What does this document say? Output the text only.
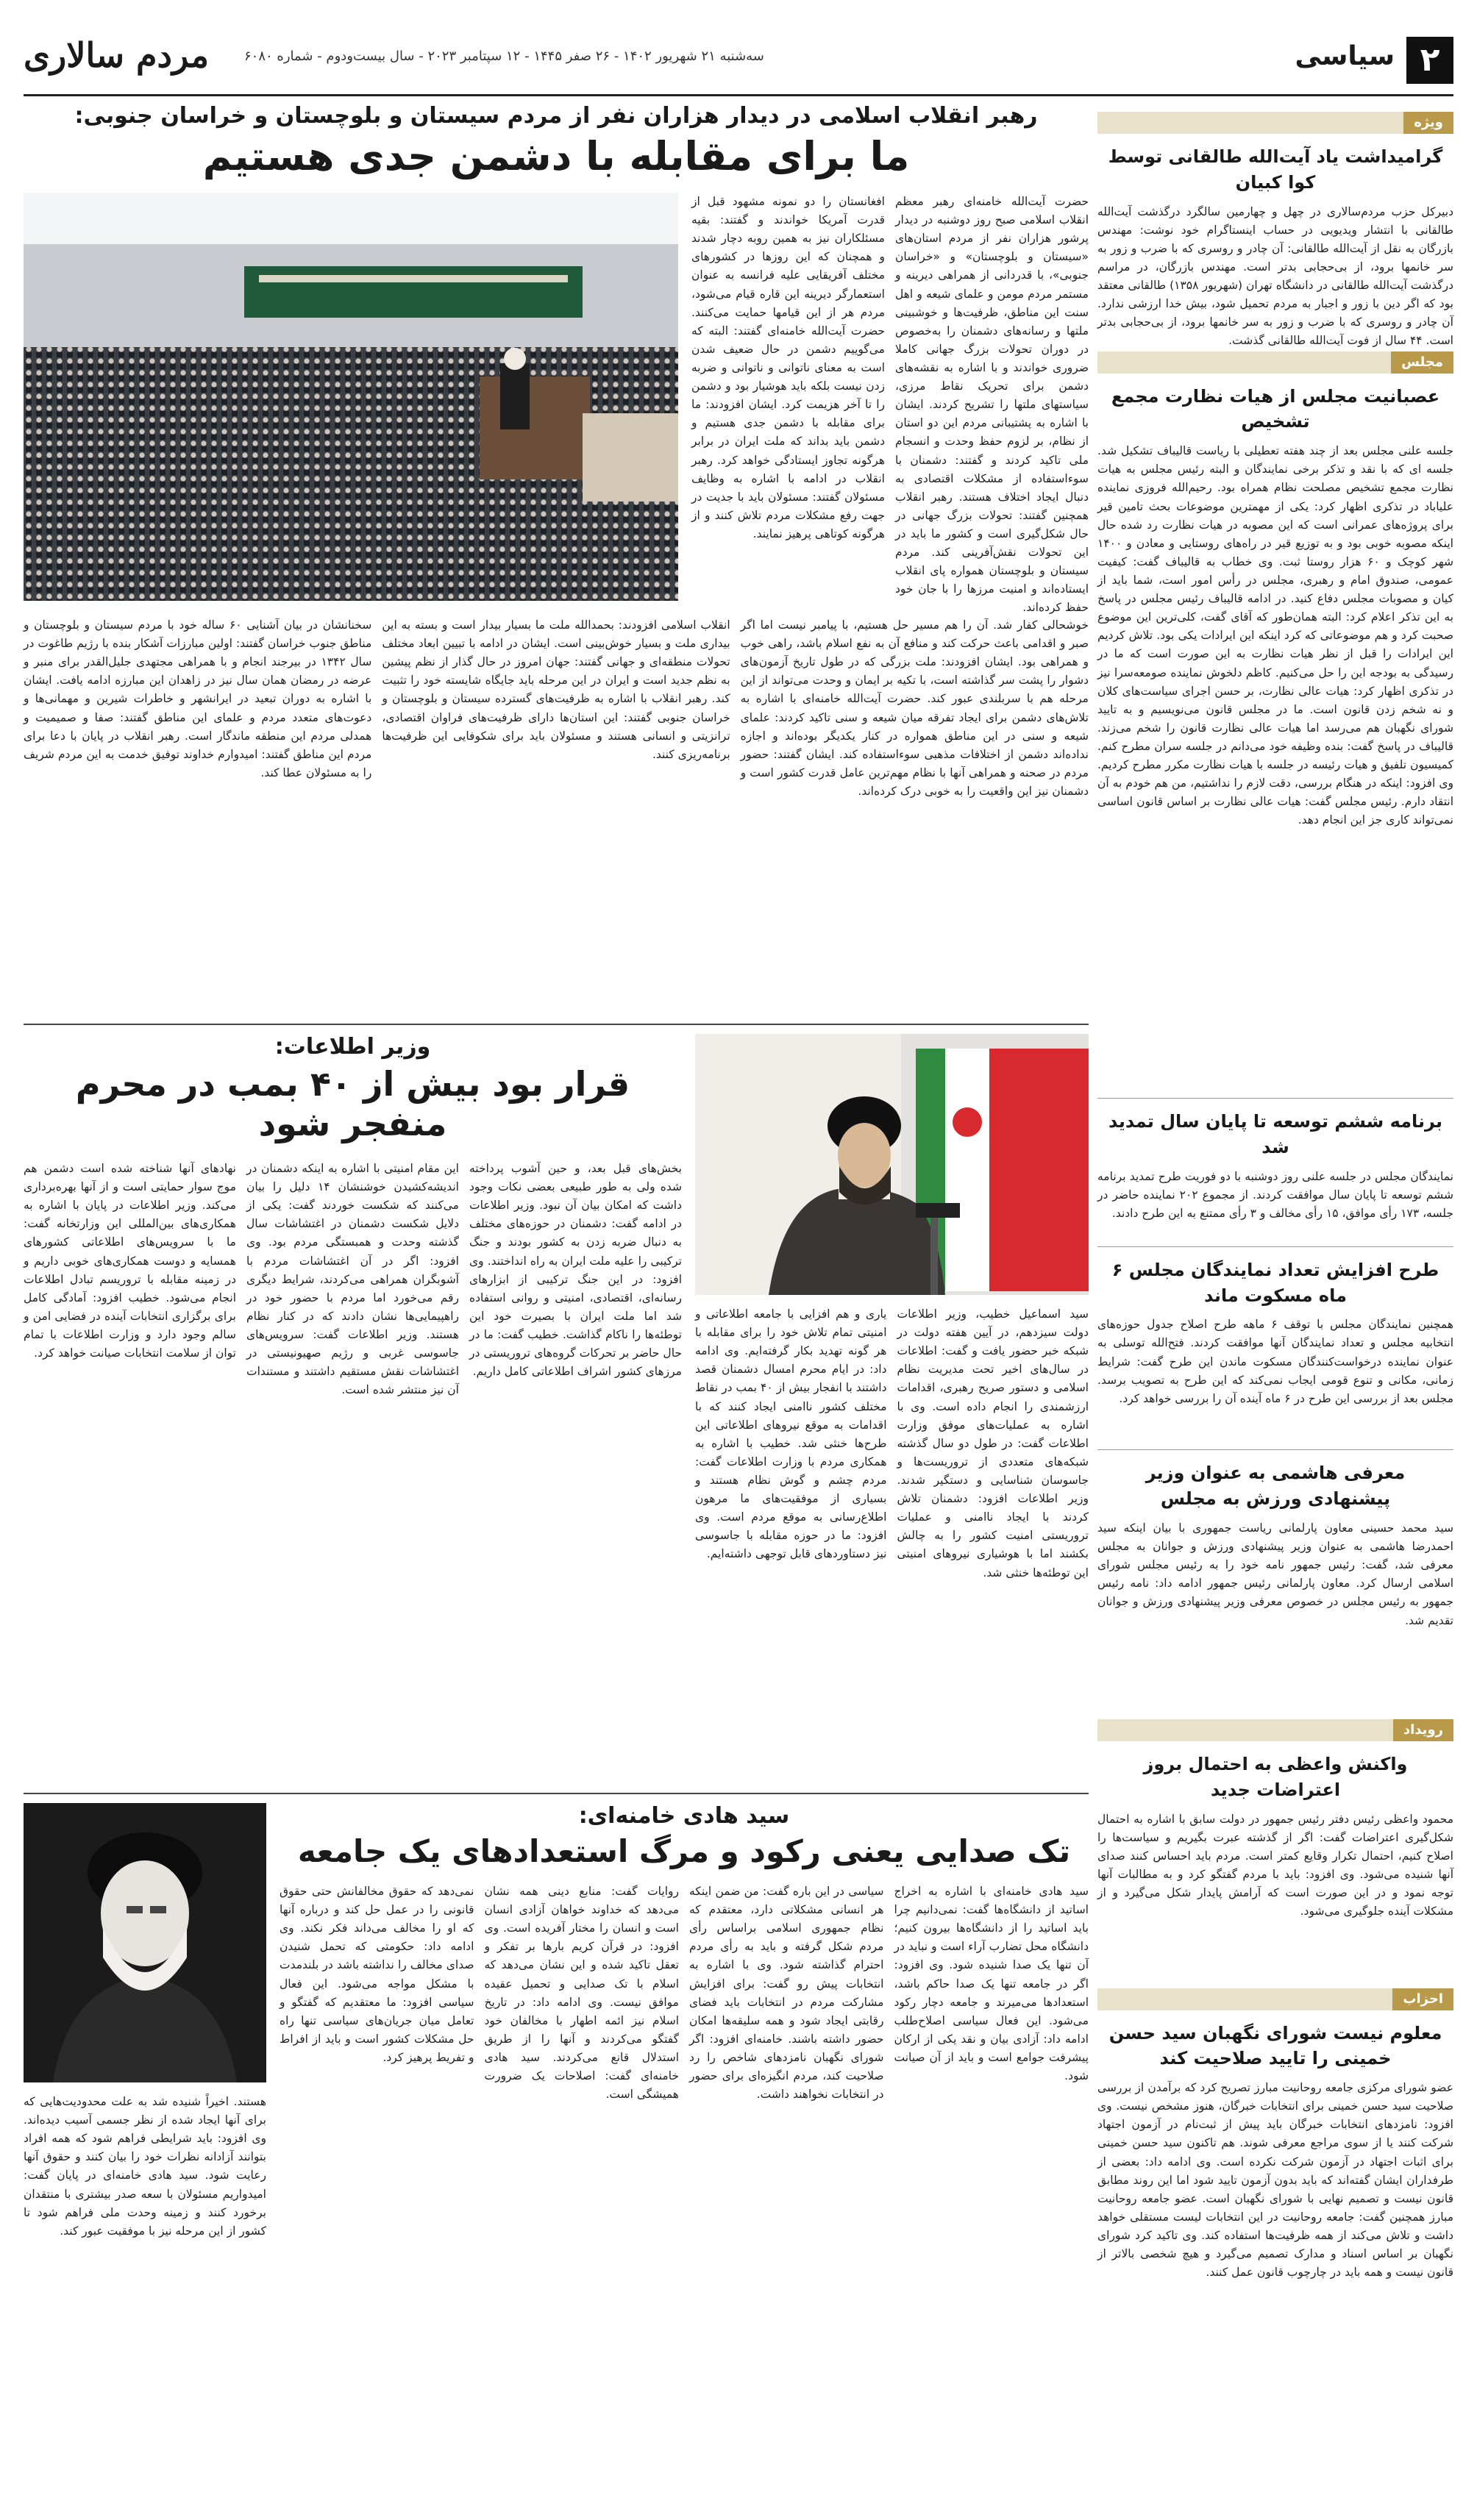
۲
سیاسی
مردم سالاری	سه‌شنبه ۲۱ شهریور ۱۴۰۲ - ۲۶ صفر ۱۴۴۵ - ۱۲ سپتامبر ۲۰۲۳ - سال بیست‌ودوم - شماره ۶۰۸۰
ویژه
گرامیداشت یاد آیت‌الله طالقانی توسط کوا کبیان
دبیرکل حزب مردم‌سالاری در چهل و چهارمین سالگرد درگذشت آیت‌الله طالقانی با انتشار ویدیویی در حساب اینستاگرام خود نوشت: مهندس بازرگان به نقل از آیت‌الله طالقانی: آن چادر و روسری که با ضرب و زور به سر خانمها برود، از بی‌حجابی بدتر است. مهندس بازرگان، در مراسم درگذشت آیت‌الله طالقانی در دانشگاه تهران (شهریور ۱۳۵۸) طالقانی معتقد بود که اگر دین با زور و اجبار به مردم تحمیل شود، بیش خدا ارزشی ندارد. آن چادر و روسری که با ضرب و زور به سر خانمها برود، از بی‌حجابی بدتر است. ۴۴ سال از فوت آیت‌الله طالقانی گذشت.
مجلس
عصبانیت مجلس از هیات نظارت مجمع تشخیص
جلسه علنی مجلس بعد از چند هفته تعطیلی با ریاست قالیباف تشکیل شد. جلسه ای که با نقد و تذکر برخی نمایندگان و البته رئیس مجلس به هیات نظارت مجمع تشخیص مصلحت نظام همراه بود. رحیم‌الله فروزی نماینده علیاباد در تذکری اظهار کرد: یکی از مهمترین موضوعات بحث تامین قیر برای پروژه‌های عمرانی است که این مصوبه در هیات نظارت رد شده حال اینکه مصوبه خوبی بود و به توزیع قیر در راه‌های روستایی و معادن و ۱۴۰۰ شهر کوچک و ۶۰ هزار روستا ثبت. وی خطاب به قالیباف گفت: کیفیت عمومی، صندوق امام و رهبری، مجلس در رأس امور است، شما باید از کیان و مصوبات مجلس دفاع کنید. در ادامه قالیباف رئیس مجلس در پاسخ به این تذکر اعلام کرد: البته همان‌طور که آقای گفت، کلی‌ترین این موضوع صحبت کرد و هم موضوعاتی که کرد اینکه این ایرادات یکی بود. تلاش کردیم این ایرادات را قبل از نظر هیات نظارت به این صورت است که ما در رسیدگی به بودجه این را حل می‌کنیم. کاظم دلخوش نماینده صومعه‌سرا نیز در تذکری اظهار کرد: هیات عالی نظارت، بر حسن اجرای سیاست‌های کلان و نه شخم زدن قانون است. ما در مجلس قانون می‌نویسیم و به تایید شورای نگهبان هم می‌رسد اما هیات عالی نظارت قانون را شخم می‌زند. قالیباف در پاسخ گفت: بنده وظیفه خود می‌دانم در جلسه سران مطرح کنم. کمیسیون تلفیق و هیات رئیسه در جلسه با هیات نظارت مکرر مطرح کردیم. وی افزود: اینکه در هنگام بررسی، دقت لازم را نداشتیم، من هم خودم به آن انتقاد دارم. رئیس مجلس گفت: هیات عالی نظارت بر اساس قانون اساسی نمی‌تواند کاری جز این انجام دهد.
برنامه ششم توسعه تا پایان سال تمدید شد
نمایندگان مجلس در جلسه علنی روز دوشنبه با دو فوریت طرح تمدید برنامه ششم توسعه تا پایان سال موافقت کردند. از مجموع ۲۰۲ نماینده حاضر در جلسه، ۱۷۳ رأی موافق، ۱۵ رأی مخالف و ۳ رأی ممتنع به این طرح دادند.
طرح افزایش تعداد نمایندگان مجلس ۶ ماه مسکوت ماند
همچنین نمایندگان مجلس با توقف ۶ ماهه طرح اصلاح جدول حوزه‌های انتخابیه مجلس و تعداد نمایندگان آنها موافقت کردند. فتح‌الله توسلی به عنوان نماینده درخواست‌کنندگان مسکوت ماندن این طرح گفت: شرایط زمانی، مکانی و تنوع قومی ایجاب نمی‌کند که این طرح به تصویب برسد. مجلس بعد از بررسی این طرح در ۶ ماه آینده آن را بررسی خواهد کرد.
معرفی هاشمی به عنوان وزیر پیشنهادی ورزش به مجلس
سید محمد حسینی معاون پارلمانی ریاست جمهوری با بیان اینکه سید احمدرضا هاشمی به عنوان وزیر پیشنهادی ورزش و جوانان به مجلس معرفی شد، گفت: رئیس جمهور نامه خود را به رئیس مجلس شورای اسلامی ارسال کرد. معاون پارلمانی رئیس جمهور ادامه داد: نامه رئیس جمهور به رئیس مجلس در خصوص معرفی وزیر پیشنهادی ورزش و جوانان تقدیم شد.
رویداد
واکنش واعظی به احتمال بروز اعتراضات جدید
محمود واعظی رئیس دفتر رئیس جمهور در دولت سابق با اشاره به احتمال شکل‌گیری اعتراضات گفت: اگر از گذشته عبرت بگیریم و سیاست‌ها را اصلاح کنیم، احتمال تکرار وقایع کمتر است. مردم باید احساس کنند صدای آنها شنیده می‌شود. وی افزود: باید با مردم گفتگو کرد و به مطالبات آنها توجه نمود و در این صورت است که آرامش پایدار شکل می‌گیرد و از مشکلات آینده جلوگیری می‌شود.
احزاب
معلوم نیست شورای نگهبان سید حسن خمینی را تایید صلاحیت کند
عضو شورای مرکزی جامعه روحانیت مبارز تصریح کرد که برآمدن از بررسی صلاحیت سید حسن خمینی برای انتخابات خبرگان، هنوز مشخص نیست. وی افزود: نامزدهای انتخابات خبرگان باید پیش از ثبت‌نام در آزمون اجتهاد شرکت کنند یا از سوی مراجع معرفی شوند. هم تاکنون سید حسن خمینی برای اثبات اجتهاد در آزمون شرکت نکرده است. وی ادامه داد: بعضی از طرفداران ایشان گفته‌اند که باید بدون آزمون تایید شود اما این روند مطابق قانون نیست و تصمیم نهایی با شورای نگهبان است. عضو جامعه روحانیت مبارز همچنین گفت: جامعه روحانیت در این انتخابات لیست مستقلی خواهد داشت و تلاش می‌کند از همه ظرفیت‌ها استفاده کند. وی تاکید کرد شورای نگهبان بر اساس اسناد و مدارک تصمیم می‌گیرد و هیچ شخصی بالاتر از قانون نیست و همه باید در چارچوب قانون عمل کنند.
رهبر انقلاب اسلامی در دیدار هزاران نفر از مردم سیستان و بلوچستان و خراسان جنوبی:
ما برای مقابله با دشمن جدی هستیم
حضرت آیت‌الله خامنه‌ای رهبر معظم انقلاب اسلامی صبح روز دوشنبه در دیدار پرشور هزاران نفر از مردم استان‌های «سیستان و بلوچستان» و «خراسان جنوبی»، با قدردانی از همراهی دیرینه و مستمر مردم مومن و علمای شیعه و اهل سنت این مناطق، ظرفیت‌ها و خوشبینی ملتها و رسانه‌های دشمنان را به‌خصوص در دوران تحولات بزرگ جهانی کاملا ضروری خواندند و با اشاره به نقشه‌های دشمن برای تحریک نقاط مرزی، سیاستهای ملتها را تشریح کردند. ایشان با اشاره به پشتیبانی مردم این دو استان از نظام، بر لزوم حفظ وحدت و انسجام ملی تاکید کردند و گفتند: دشمنان با سوءاستفاده از مشکلات اقتصادی به دنبال ایجاد اختلاف هستند. رهبر انقلاب همچنین گفتند: تحولات بزرگ جهانی در حال شکل‌گیری است و کشور ما باید در این تحولات نقش‌آفرینی کند. مردم سیستان و بلوچستان همواره پای انقلاب ایستاده‌اند و امنیت مرزها را با جان خود حفظ کرده‌اند.
افغانستان را دو نمونه مشهود قبل از قدرت آمریکا خواندند و گفتند: بقیه مسئلکاران نیز به همین روبه دچار شدند و همچنان که این روزها در کشورهای مختلف آفریقایی علیه فرانسه به عنوان استعمارگر دیرینه این قاره قیام می‌شود، مردم هر از این قیامها حمایت می‌کنند. حضرت آیت‌الله خامنه‌ای گفتند: البته که می‌گوییم دشمن در حال ضعیف شدن است به معنای ناتوانی و ناتوانی و ضربه زدن نیست بلکه باید هوشیار بود و دشمن را تا آخر هزیمت کرد. ایشان افزودند: ما برای مقابله با دشمن جدی هستیم و دشمن باید بداند که ملت ایران در برابر هرگونه تجاوز ایستادگی خواهد کرد. رهبر انقلاب در ادامه با اشاره به وظایف مسئولان گفتند: مسئولان باید با جدیت در جهت رفع مشکلات مردم تلاش کنند و از هرگونه کوتاهی پرهیز نمایند.
خوشحالی کفار شد. آن را هم مسیر حل هستیم، با پیامبر نیست اما اگر صبر و اقدامی باعث حرکت کند و منافع آن به نفع اسلام باشد، راهی خوب و همراهی بود. ایشان افزودند: ملت بزرگی که در طول تاریخ آزمون‌های دشوار را پشت سر گذاشته است، با تکیه بر ایمان و وحدت می‌تواند از این مرحله هم با سربلندی عبور کند. حضرت آیت‌الله خامنه‌ای با اشاره به تلاش‌های دشمن برای ایجاد تفرقه میان شیعه و سنی تاکید کردند: علمای شیعه و سنی در این مناطق همواره در کنار یکدیگر بوده‌اند و اجازه نداده‌اند دشمن از اختلافات مذهبی سوءاستفاده کند. ایشان گفتند: حضور مردم در صحنه و همراهی آنها با نظام مهم‌ترین عامل قدرت کشور است و دشمنان نیز این واقعیت را به خوبی درک کرده‌اند.
انقلاب اسلامی افزودند: بحمدالله ملت ما بسیار بیدار است و بسته به این بیداری ملت و بسیار خوش‌بینی است. ایشان در ادامه با تبیین ابعاد مختلف تحولات منطقه‌ای و جهانی گفتند: جهان امروز در حال گذار از نظم پیشین به نظم جدید است و ایران در این مرحله باید جایگاه شایسته خود را تثبیت کند. رهبر انقلاب با اشاره به ظرفیت‌های گسترده سیستان و بلوچستان و خراسان جنوبی گفتند: این استان‌ها دارای ظرفیت‌های فراوان اقتصادی، ترانزیتی و انسانی هستند و مسئولان باید برای شکوفایی این ظرفیت‌ها برنامه‌ریزی کنند.
سخنانشان در بیان آشنایی ۶۰ ساله خود با مردم سیستان و بلوچستان و مناطق جنوب خراسان گفتند: اولین مبارزات آشکار بنده با رژیم طاغوت در سال ۱۳۴۲ در بیرجند انجام و با همراهی مجتهدی جلیل‌القدر برای منبر و عرضه در رمضان همان سال نیز در زاهدان این مبارزه ادامه یافت. ایشان با اشاره به دوران تبعید در ایرانشهر و خاطرات شیرین و مهمانی‌ها و دعوت‌های متعدد مردم و علمای این مناطق گفتند: صفا و صمیمیت و همدلی مردم این منطقه ماندگار است. رهبر انقلاب در پایان با دعا برای مردم این مناطق گفتند: امیدوارم خداوند توفیق خدمت به این مردم شریف را به مسئولان عطا کند.
سید اسماعیل خطیب، وزیر اطلاعات دولت سیزدهم، در آیین هفته دولت در شبکه خبر حضور یافت و گفت: اطلاعات در سال‌های اخیر تحت مدیریت نظام اسلامی و دستور صریح رهبری، اقدامات ارزشمندی را انجام داده است. وی با اشاره به عملیات‌های موفق وزارت اطلاعات گفت: در طول دو سال گذشته شبکه‌های متعددی از تروریست‌ها و جاسوسان شناسایی و دستگیر شدند. وزیر اطلاعات افزود: دشمنان تلاش کردند با ایجاد ناامنی و عملیات تروریستی امنیت کشور را به چالش بکشند اما با هوشیاری نیروهای امنیتی این توطئه‌ها خنثی شد.
یاری و هم افزایی با جامعه اطلاعاتی و امنیتی تمام تلاش خود را برای مقابله با هر گونه تهدید بکار گرفته‌ایم. وی ادامه داد: در ایام محرم امسال دشمنان قصد داشتند با انفجار بیش از ۴۰ بمب در نقاط مختلف کشور ناامنی ایجاد کنند که با اقدامات به موقع نیروهای اطلاعاتی این طرح‌ها خنثی شد. خطیب با اشاره به همکاری مردم با وزارت اطلاعات گفت: مردم چشم و گوش نظام هستند و بسیاری از موفقیت‌های ما مرهون اطلاع‌رسانی به موقع مردم است. وی افزود: ما در حوزه مقابله با جاسوسی نیز دستاوردهای قابل توجهی داشته‌ایم.
وزیر اطلاعات:
قرار بود بیش از ۴۰ بمب در محرم منفجر شود
بخش‌های قبل بعد، و حین آشوب پرداخته شده ولی به طور طبیعی بعضی نکات وجود داشت که امکان بیان آن نبود. وزیر اطلاعات در ادامه گفت: دشمنان در حوزه‌های مختلف به دنبال ضربه زدن به کشور بودند و جنگ ترکیبی را علیه ملت ایران به راه انداختند. وی افزود: در این جنگ ترکیبی از ابزارهای رسانه‌ای، اقتصادی، امنیتی و روانی استفاده شد اما ملت ایران با بصیرت خود این توطئه‌ها را ناکام گذاشت. خطیب گفت: ما در حال حاضر بر تحرکات گروه‌های تروریستی در مرزهای کشور اشراف اطلاعاتی کامل داریم.
این مقام امنیتی با اشاره به اینکه دشمنان در اندیشه‌کشیدن خوشنشان ۱۴ دلیل را بیان می‌کنند که شکست خوردند گفت: یکی از دلایل شکست دشمنان در اغتشاشات سال گذشته وحدت و همبستگی مردم بود. وی افزود: اگر در آن اغتشاشات مردم با آشوبگران همراهی می‌کردند، شرایط دیگری رقم می‌خورد اما مردم با حضور خود در راهپیمایی‌ها نشان دادند که در کنار نظام هستند. وزیر اطلاعات گفت: سرویس‌های جاسوسی غربی و رژیم صهیونیستی در اغتشاشات نقش مستقیم داشتند و مستندات آن نیز منتشر شده است.
نهادهای آنها شناخته شده است دشمن هم موج سوار حمایتی است و از آنها بهره‌برداری می‌کند. وزیر اطلاعات در پایان با اشاره به همکاری‌های بین‌المللی این وزارتخانه گفت: ما با سرویس‌های اطلاعاتی کشورهای همسایه و دوست همکاری‌های خوبی داریم و در زمینه مقابله با تروریسم تبادل اطلاعات انجام می‌شود. خطیب افزود: آمادگی کامل برای برگزاری انتخابات آینده در فضایی امن و سالم وجود دارد و وزارت اطلاعات با تمام توان از سلامت انتخابات صیانت خواهد کرد.
سید هادی خامنه‌ای:
تک صدایی یعنی رکود و مرگ استعدادهای یک جامعه
سید هادی خامنه‌ای با اشاره به اخراج اساتید از دانشگاه‌ها گفت: نمی‌دانیم چرا باید اساتید را از دانشگاه‌ها بیرون کنیم؛ دانشگاه محل تضارب آراء است و نباید در آن تنها یک صدا شنیده شود. وی افزود: اگر در جامعه تنها یک صدا حاکم باشد، استعدادها می‌میرند و جامعه دچار رکود می‌شود. این فعال سیاسی اصلاح‌طلب ادامه داد: آزادی بیان و نقد یکی از ارکان پیشرفت جوامع است و باید از آن صیانت شود.
سیاسی در این باره گفت: من ضمن اینکه هر انسانی مشکلاتی دارد، معتقدم که نظام جمهوری اسلامی براساس رأی مردم شکل گرفته و باید به رأی مردم احترام گذاشته شود. وی با اشاره به انتخابات پیش رو گفت: برای افزایش مشارکت مردم در انتخابات باید فضای رقابتی ایجاد شود و همه سلیقه‌ها امکان حضور داشته باشند. خامنه‌ای افزود: اگر شورای نگهبان نامزدهای شاخص را رد صلاحیت کند، مردم انگیزه‌ای برای حضور در انتخابات نخواهند داشت.
روایات گفت: منابع دینی همه نشان می‌دهد که خداوند خواهان آزادی انسان است و انسان را مختار آفریده است. وی افزود: در قرآن کریم بارها بر تفکر و تعقل تاکید شده و این نشان می‌دهد که اسلام با تک صدایی و تحمیل عقیده موافق نیست. وی ادامه داد: در تاریخ اسلام نیز ائمه اطهار با مخالفان خود گفتگو می‌کردند و آنها را از طریق استدلال قانع می‌کردند. سید هادی خامنه‌ای گفت: اصلاحات یک ضرورت همیشگی است.
نمی‌دهد که حقوق مخالفانش حتی حقوق قانونی را در عمل حل کند و درباره آنها که او را مخالف می‌داند فکر نکند. وی ادامه داد: حکومتی که تحمل شنیدن صدای مخالف را نداشته باشد در بلندمدت با مشکل مواجه می‌شود. این فعال سیاسی افزود: ما معتقدیم که گفتگو و تعامل میان جریان‌های سیاسی تنها راه حل مشکلات کشور است و باید از افراط و تفریط پرهیز کرد.
هستند. اخیراً شنیده شد به علت محدودیت‌هایی که برای آنها ایجاد شده از نظر جسمی آسیب دیده‌اند. وی افزود: باید شرایطی فراهم شود که همه افراد بتوانند آزادانه نظرات خود را بیان کنند و حقوق آنها رعایت شود. سید هادی خامنه‌ای در پایان گفت: امیدواریم مسئولان با سعه صدر بیشتری با منتقدان برخورد کنند و زمینه وحدت ملی فراهم شود تا کشور از این مرحله نیز با موفقیت عبور کند.
